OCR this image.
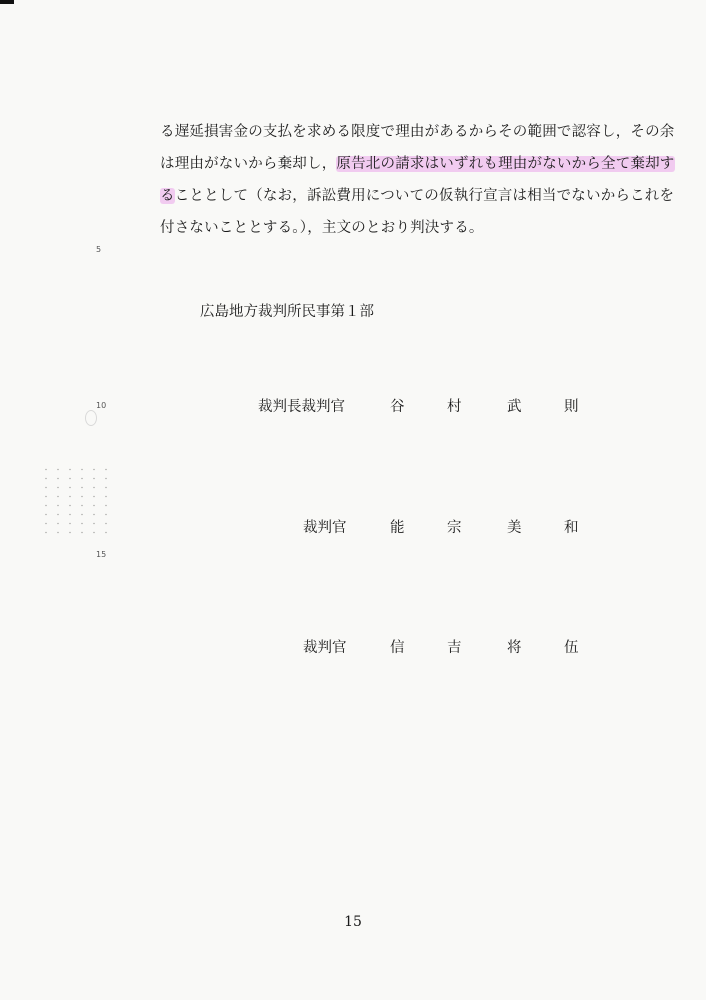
る遅延損害金の支払を求める限度で理由があるからその範囲で認容し，その余
は理由がないから棄却し，原告北の請求はいずれも理由がないから全て棄却す
ることとして（なお，訴訟費用についての仮執行宣言は相当でないからこれを
付さないこととする。），主文のとおり判決する。
5
10
15
広島地方裁判所民事第１部
裁判長裁判官	谷	村	武	則
裁判官	能	宗	美	和
裁判官	信	吉	将	伍
15
